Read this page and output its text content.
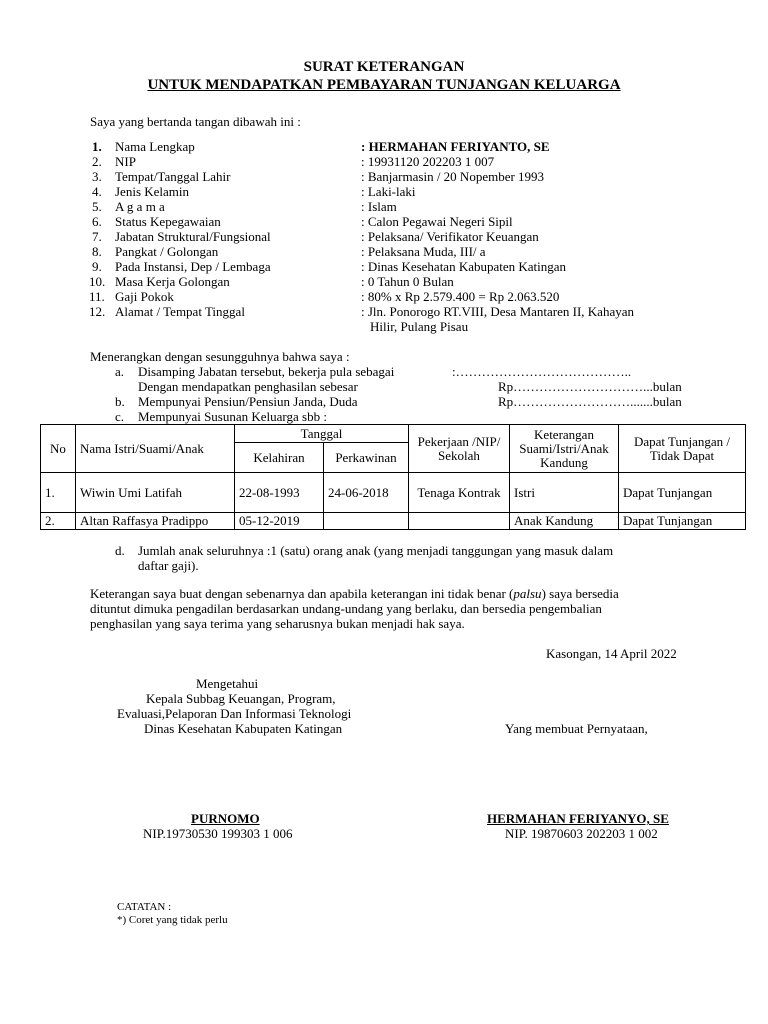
SURAT KETERANGAN
UNTUK MENDAPATKAN PEMBAYARAN TUNJANGAN KELUARGA
Saya yang bertanda tangan dibawah ini :
1. Nama Lengkap	: HERMAHAN FERIYANTO, SE
2. NIP	: 19931120 202203 1 007
3. Tempat/Tanggal Lahir	: Banjarmasin / 20 Nopember 1993
4. Jenis Kelamin	: Laki-laki
5. A g a m a	: Islam
6. Status Kepegawaian	: Calon Pegawai Negeri Sipil
7. Jabatan Struktural/Fungsional	: Pelaksana/ Verifikator Keuangan
8. Pangkat / Golongan	: Pelaksana Muda, III/ a
9. Pada Instansi, Dep / Lembaga	: Dinas Kesehatan Kabupaten Katingan
10. Masa Kerja Golongan	: 0 Tahun 0 Bulan
11. Gaji Pokok	: 80% x Rp 2.579.400 = Rp 2.063.520
12. Alamat / Tempat Tinggal	: Jln. Ponorogo RT.VIII, Desa Mantaren II, Kahayan
Hilir, Pulang Pisau
Menerangkan dengan sesungguhnya bahwa saya :
a. Disamping Jabatan tersebut, bekerja pula sebagai	:…………………………………..
Dengan mendapatkan penghasilan sebesar	Rp…………………………...bulan
b. Mempunyai Pensiun/Pensiun Janda, Duda	Rp……………………….......bulan
c. Mempunyai Susunan Keluarga sbb :
No	Nama Istri/Suami/Anak	Tanggal		Pekerjaan /NIP/ Sekolah	Keterangan Suami/Istri/Anak Kandung	Dapat Tunjangan / Tidak Dapat
		Kelahiran	Perkawinan			
1.	Wiwin Umi Latifah	22-08-1993	24-06-2018	Tenaga Kontrak	Istri	Dapat Tunjangan
2.	Altan Raffasya Pradippo	05-12-2019			Anak Kandung	Dapat Tunjangan
d. Jumlah anak seluruhnya :1 (satu) orang anak (yang menjadi tanggungan yang masuk dalam
daftar gaji).
Keterangan saya buat dengan sebenarnya dan apabila keterangan ini tidak benar (palsu) saya bersedia
dituntut dimuka pengadilan berdasarkan undang-undang yang berlaku, dan bersedia pengembalian
penghasilan yang saya terima yang seharusnya bukan menjadi hak saya.
Kasongan, 14 April 2022
Mengetahui
Kepala Subbag Keuangan, Program,
Evaluasi,Pelaporan Dan Informasi Teknologi
Dinas Kesehatan Kabupaten Katingan	Yang membuat Pernyataan,
PURNOMO
NIP.19730530 199303 1 006
HERMAHAN FERIYANYO, SE
NIP. 19870603 202203 1 002
CATATAN :
*) Coret yang tidak perlu
